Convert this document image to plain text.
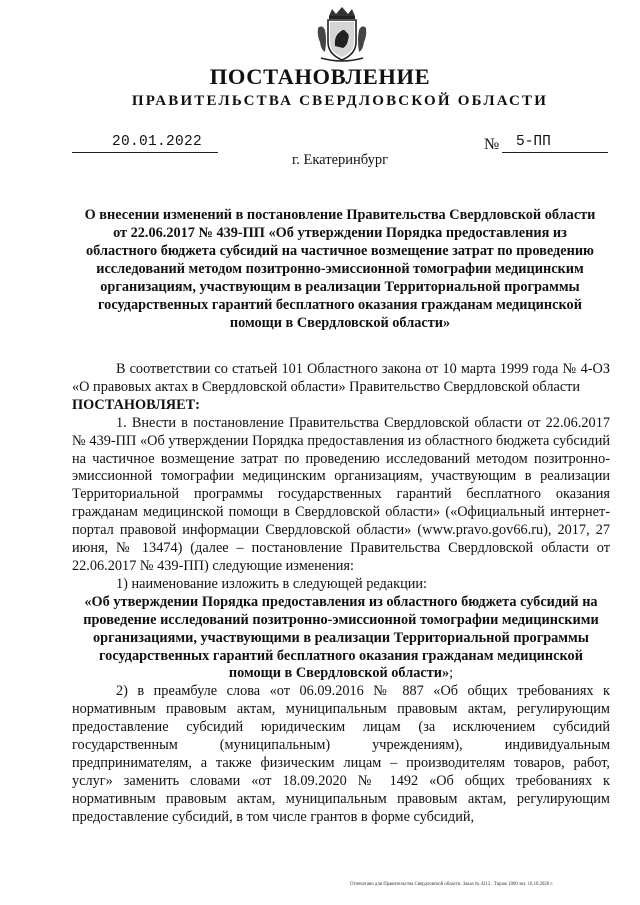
ПОСТАНОВЛЕНИЕ
ПРАВИТЕЛЬСТВА СВЕРДЛОВСКОЙ ОБЛАСТИ
20.01.2022	№ 5-ПП
г. Екатеринбург
О внесении изменений в постановление Правительства Свердловской области от 22.06.2017 № 439-ПП «Об утверждении Порядка предоставления из областного бюджета субсидий на частичное возмещение затрат по проведению исследований методом позитронно-эмиссионной томографии медицинским организациям, участвующим в реализации Территориальной программы государственных гарантий бесплатного оказания гражданам медицинской помощи в Свердловской области»

В соответствии со статьей 101 Областного закона от 10 марта 1999 года № 4-ОЗ «О правовых актах в Свердловской области» Правительство Свердловской области

ПОСТАНОВЛЯЕТ:

1. Внести в постановление Правительства Свердловской области от 22.06.2017 № 439-ПП «Об утверждении Порядка предоставления из областного бюджета субсидий на частичное возмещение затрат по проведению исследований методом позитронно-эмиссионной томографии медицинским организациям, участвующим в реализации Территориальной программы государственных гарантий бесплатного оказания гражданам медицинской помощи в Свердловской области» («Официальный интернет-портал правовой информации Свердловской области» (www.pravo.gov66.ru), 2017, 27 июня, № 13474) (далее – постановление Правительства Свердловской области от 22.06.2017 № 439-ПП) следующие изменения:

1) наименование изложить в следующей редакции:

«Об утверждении Порядка предоставления из областного бюджета субсидий на проведение исследований позитронно-эмиссионной томографии медицинскими организациями, участвующими в реализации Территориальной программы государственных гарантий бесплатного оказания гражданам медицинской помощи в Свердловской области»;

2) в преамбуле слова «от 06.09.2016 № 887 «Об общих требованиях к нормативным правовым актам, муниципальным правовым актам, регулирующим предоставление субсидий юридическим лицам (за исключением субсидий государственным (муниципальным) учреждениям), индивидуальным предпринимателям, а также физическим лицам – производителям товаров, работ, услуг» заменить словами «от 18.09.2020 № 1492 «Об общих требованиях к нормативным правовым актам, муниципальным правовым актам, регулирующим предоставление субсидий, в том числе грантов в форме субсидий,

Отпечатано для Правительства Свердловской области. Заказ № 4213 . Тираж 1000 экз. 16.10.2020 г.
